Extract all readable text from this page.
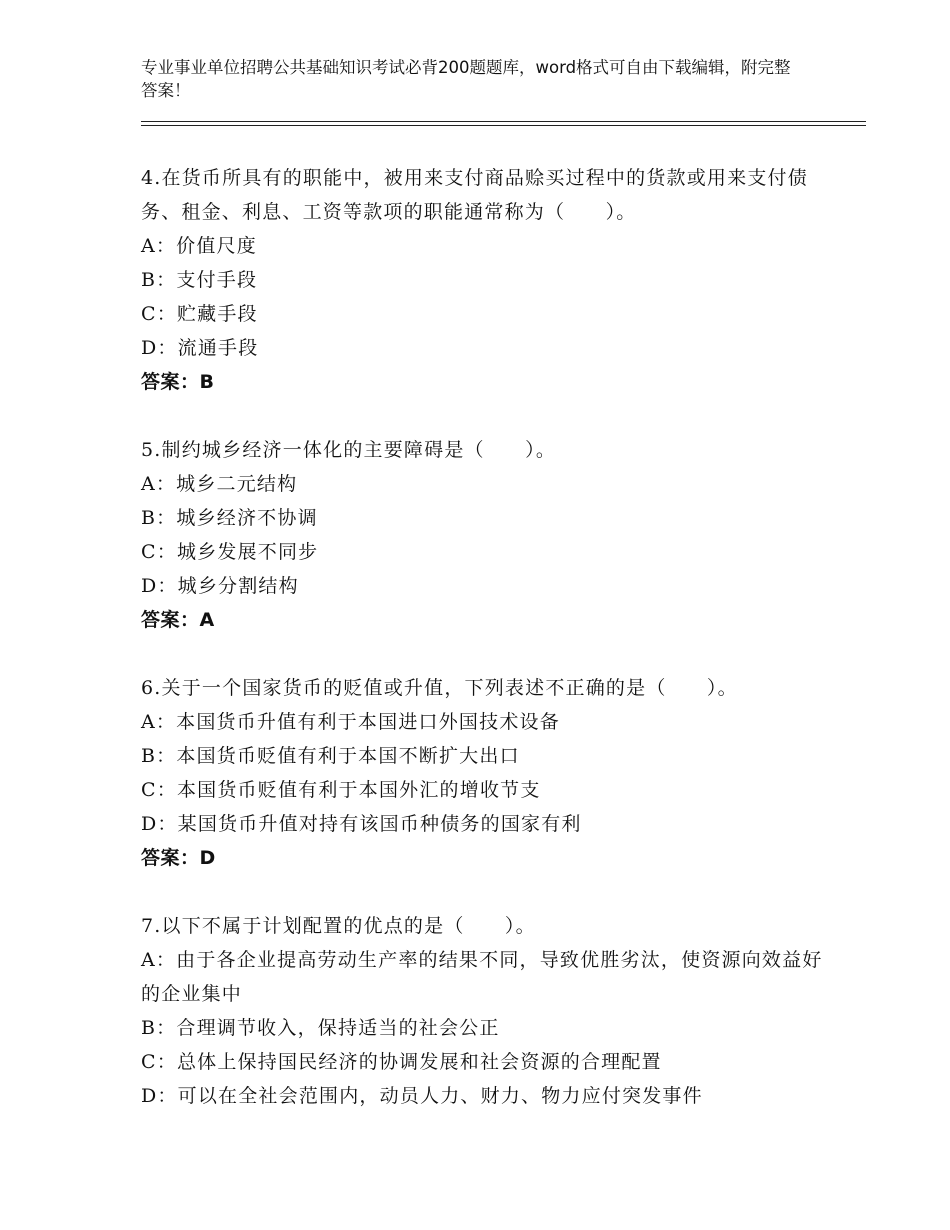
专业事业单位招聘公共基础知识考试必背200题题库，word格式可自由下载编辑，附完整答案！
4.在货币所具有的职能中，被用来支付商品赊买过程中的货款或用来支付债务、租金、利息、工资等款项的职能通常称为（　　）。
A：价值尺度
B：支付手段
C：贮藏手段
D：流通手段
答案：B
5.制约城乡经济一体化的主要障碍是（　　）。
A：城乡二元结构
B：城乡经济不协调
C：城乡发展不同步
D：城乡分割结构
答案：A
6.关于一个国家货币的贬值或升值，下列表述不正确的是（　　）。
A：本国货币升值有利于本国进口外国技术设备
B：本国货币贬值有利于本国不断扩大出口
C：本国货币贬值有利于本国外汇的增收节支
D：某国货币升值对持有该国币种债务的国家有利
答案：D
7.以下不属于计划配置的优点的是（　　）。
A：由于各企业提高劳动生产率的结果不同，导致优胜劣汰，使资源向效益好的企业集中
B：合理调节收入，保持适当的社会公正
C：总体上保持国民经济的协调发展和社会资源的合理配置
D：可以在全社会范围内，动员人力、财力、物力应付突发事件
